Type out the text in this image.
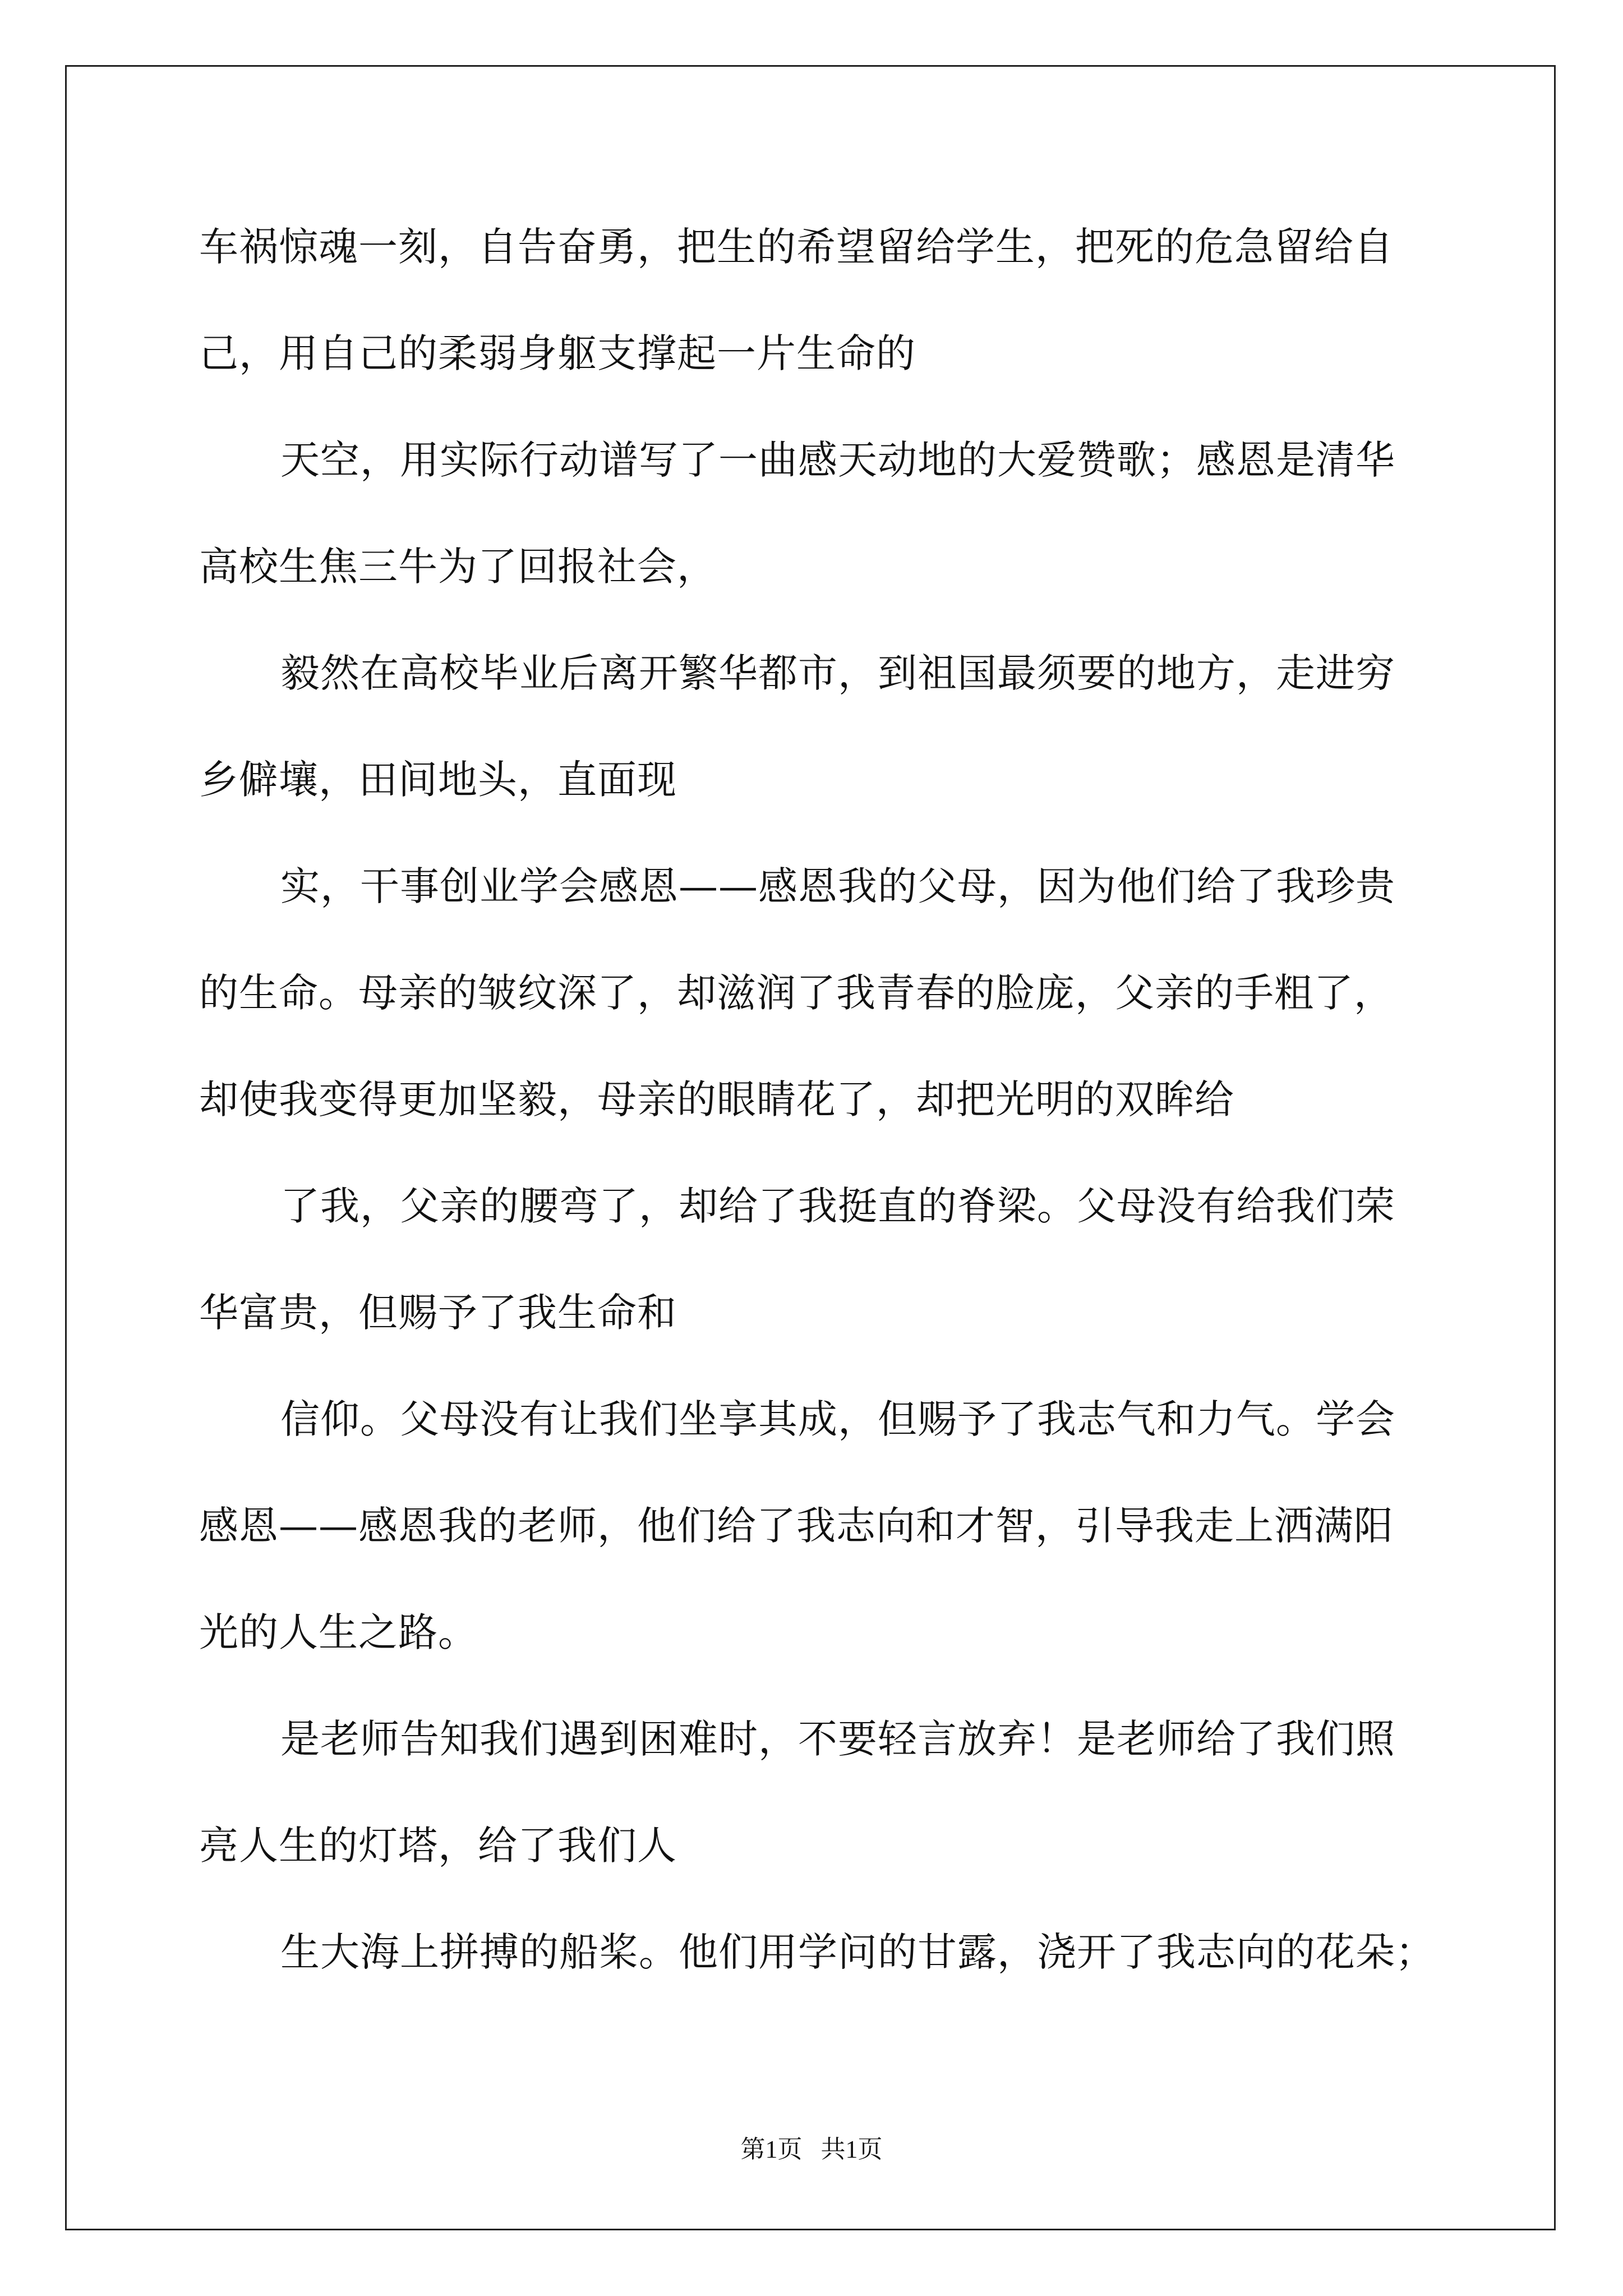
车祸惊魂一刻，自告奋勇，把生的希望留给学生，把死的危急留给自
己，用自己的柔弱身躯支撑起一片生命的
天空，用实际行动谱写了一曲感天动地的大爱赞歌；感恩是清华
高校生焦三牛为了回报社会，
毅然在高校毕业后离开繁华都市，到祖国最须要的地方，走进穷
乡僻壤，田间地头，直面现
实，干事创业学会感恩——感恩我的父母，因为他们给了我珍贵
的生命。母亲的皱纹深了，却滋润了我青春的脸庞，父亲的手粗了，
却使我变得更加坚毅，母亲的眼睛花了，却把光明的双眸给
了我，父亲的腰弯了，却给了我挺直的脊梁。父母没有给我们荣
华富贵，但赐予了我生命和
信仰。父母没有让我们坐享其成，但赐予了我志气和力气。学会
感恩——感恩我的老师，他们给了我志向和才智，引导我走上洒满阳
光的人生之路。
是老师告知我们遇到困难时，不要轻言放弃！是老师给了我们照
亮人生的灯塔，给了我们人
生大海上拼搏的船桨。他们用学问的甘露，浇开了我志向的花朵；
第1页   共1页
